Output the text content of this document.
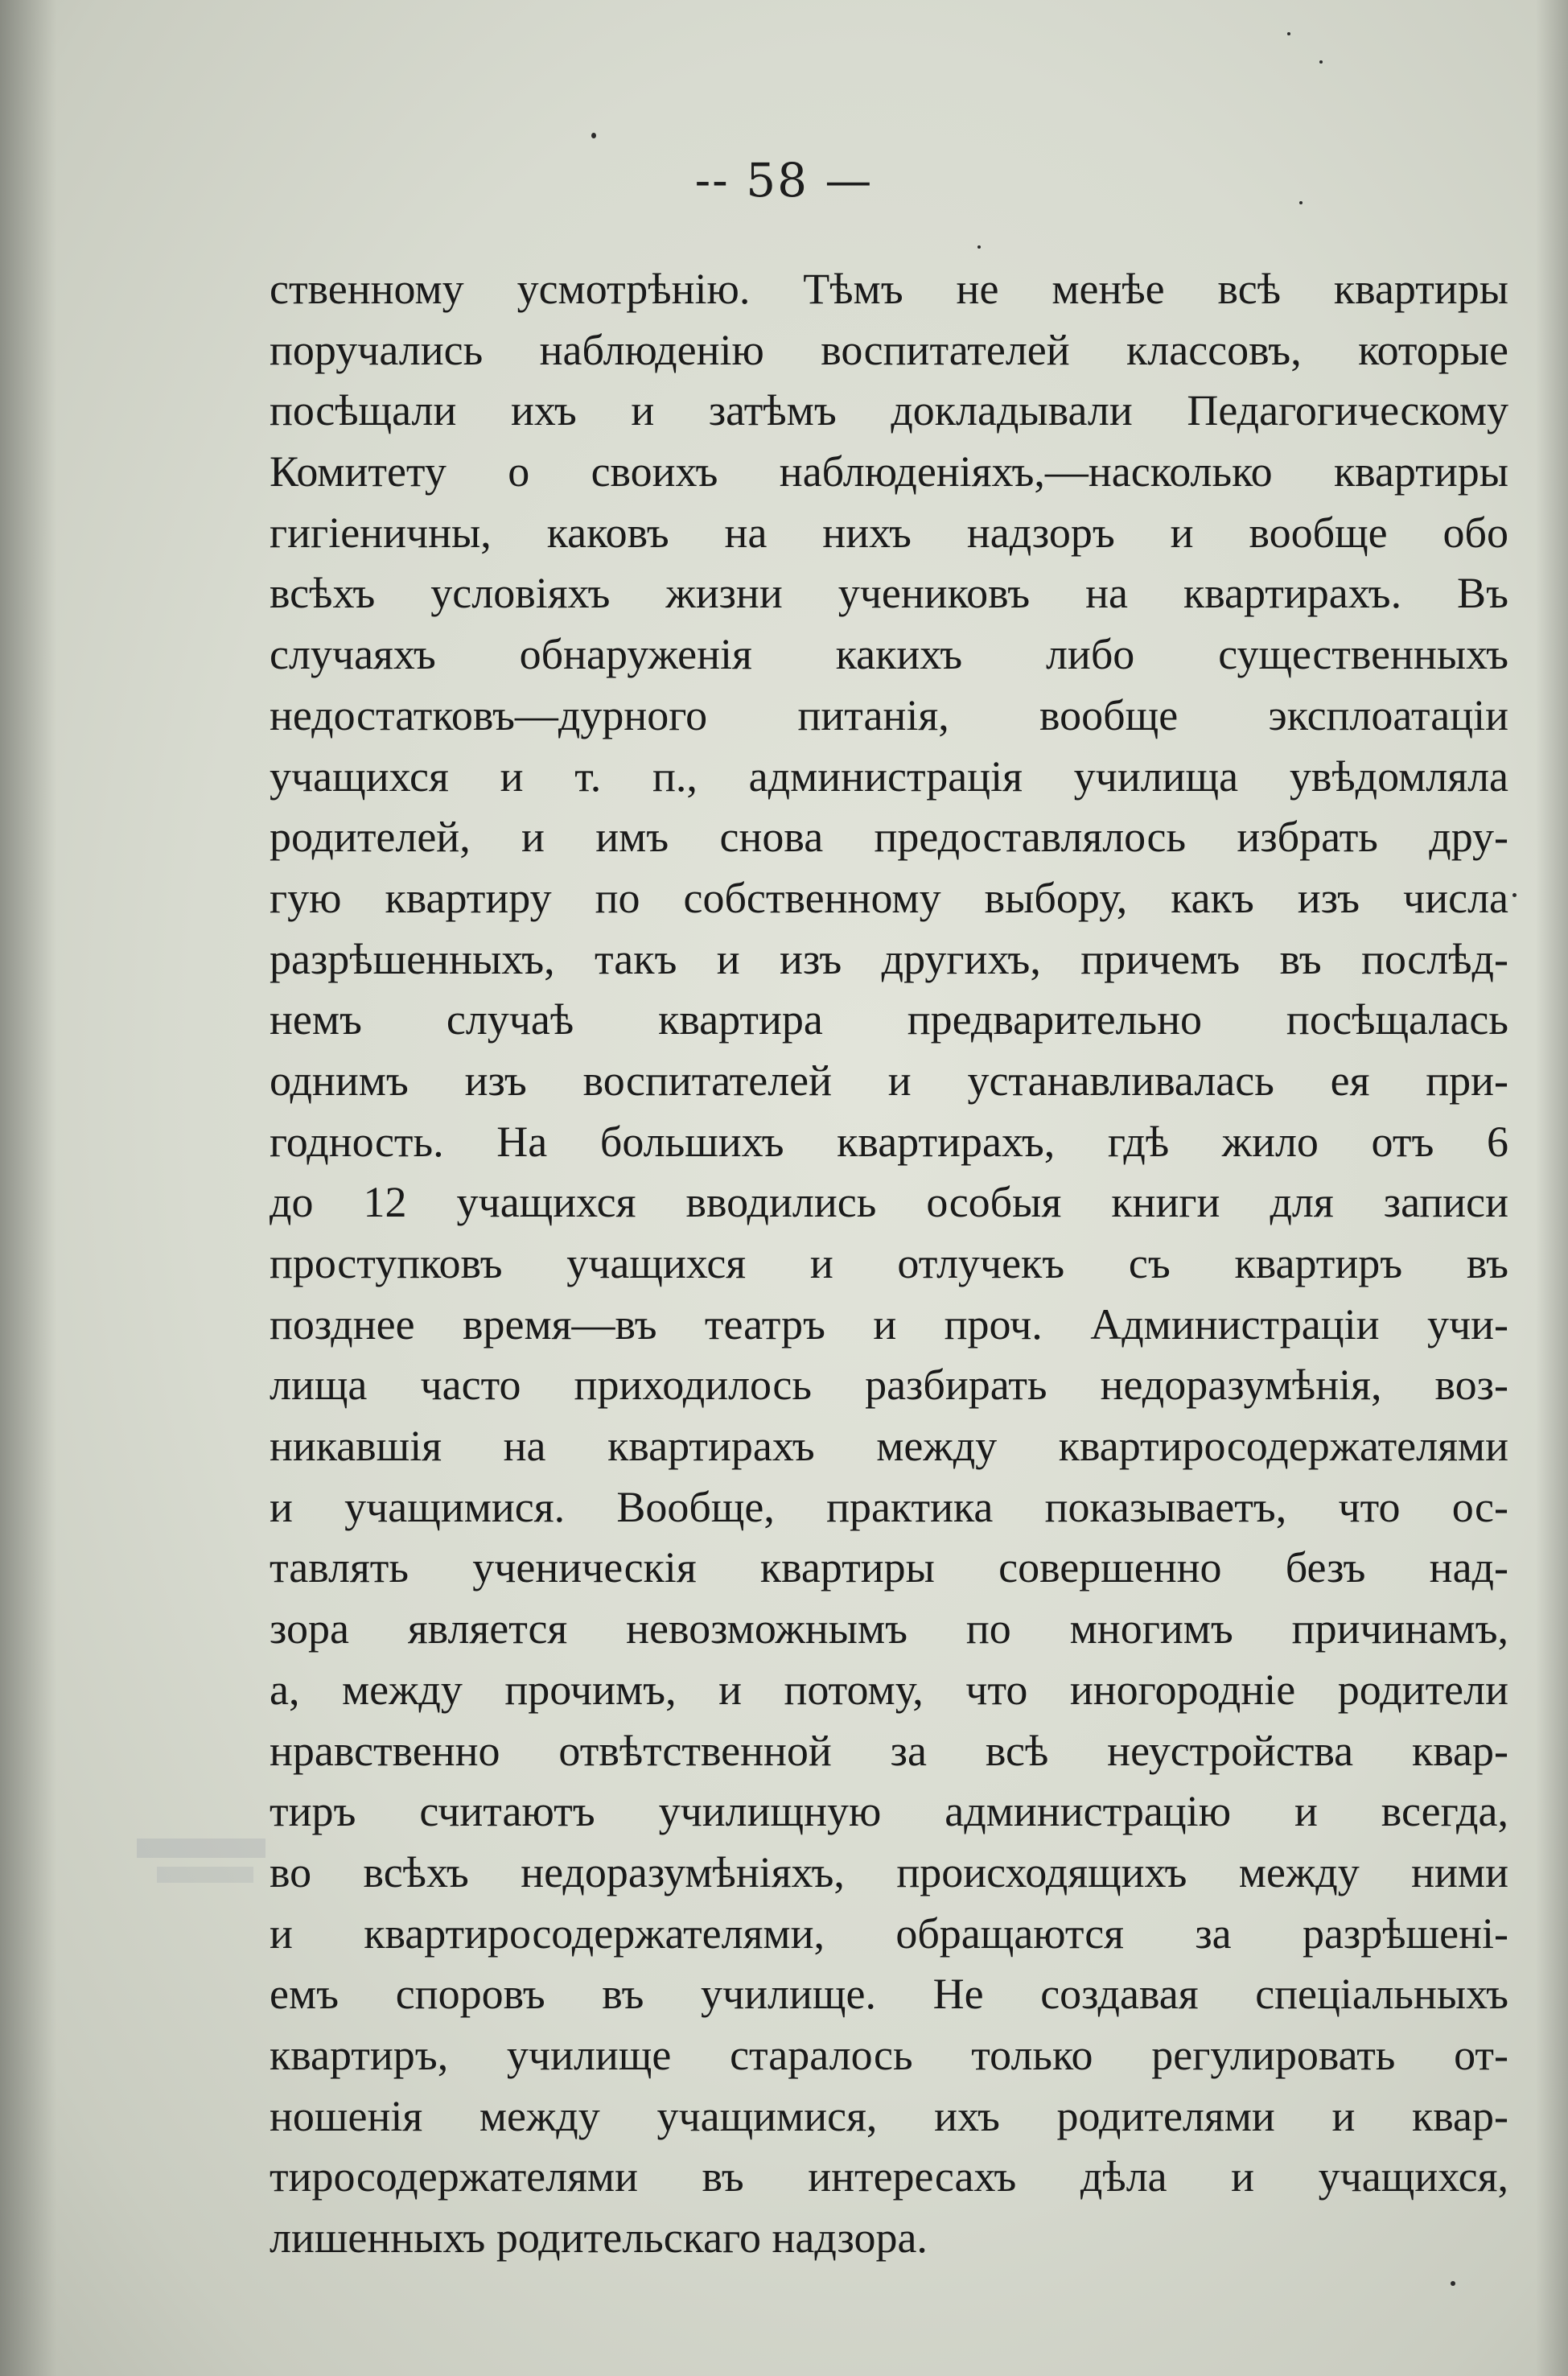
-- 58 —
ственному усмотрѣнію. Тѣмъ не менѣе всѣ квартиры
поручались наблюденію воспитателей классовъ, которые
посѣщали ихъ и затѣмъ докладывали Педагогическому
Комитету о своихъ наблюденіяхъ,—насколько квартиры
гигіеничны, каковъ на нихъ надзоръ и вообще обо
всѣхъ условіяхъ жизни учениковъ на квартирахъ. Въ
случаяхъ обнаруженія какихъ либо существенныхъ
недостатковъ—дурного питанія, вообще эксплоатаціи
учащихся и т. п., администрація училища увѣдомляла
родителей, и имъ снова предоставлялось избрать дру-
гую квартиру по собственному выбору, какъ изъ числа
разрѣшенныхъ, такъ и изъ другихъ, причемъ въ послѣд-
немъ случаѣ квартира предварительно посѣщалась
однимъ изъ воспитателей и устанавливалась ея при-
годность. На большихъ квартирахъ, гдѣ жило отъ 6
до 12 учащихся вводились особыя книги для записи
проступковъ учащихся и отлучекъ съ квартиръ въ
позднее время—въ театръ и проч. Администраціи учи-
лища часто приходилось разбирать недоразумѣнія, воз-
никавшія на квартирахъ между квартиросодержателями
и учащимися. Вообще, практика показываетъ, что ос-
тавлять ученическія квартиры совершенно безъ над-
зора является невозможнымъ по многимъ причинамъ,
а, между прочимъ, и потому, что иногородніе родители
нравственно отвѣтственной за всѣ неустройства квар-
тиръ считаютъ училищную администрацію и всегда,
во всѣхъ недоразумѣніяхъ, происходящихъ между ними
и квартиросодержателями, обращаются за разрѣшені-
емъ споровъ въ училище. Не создавая спеціальныхъ
квартиръ, училище старалось только регулировать от-
ношенія между учащимися, ихъ родителями и квар-
тиросодержателями въ интересахъ дѣла и учащихся,
лишенныхъ родительскаго надзора.
